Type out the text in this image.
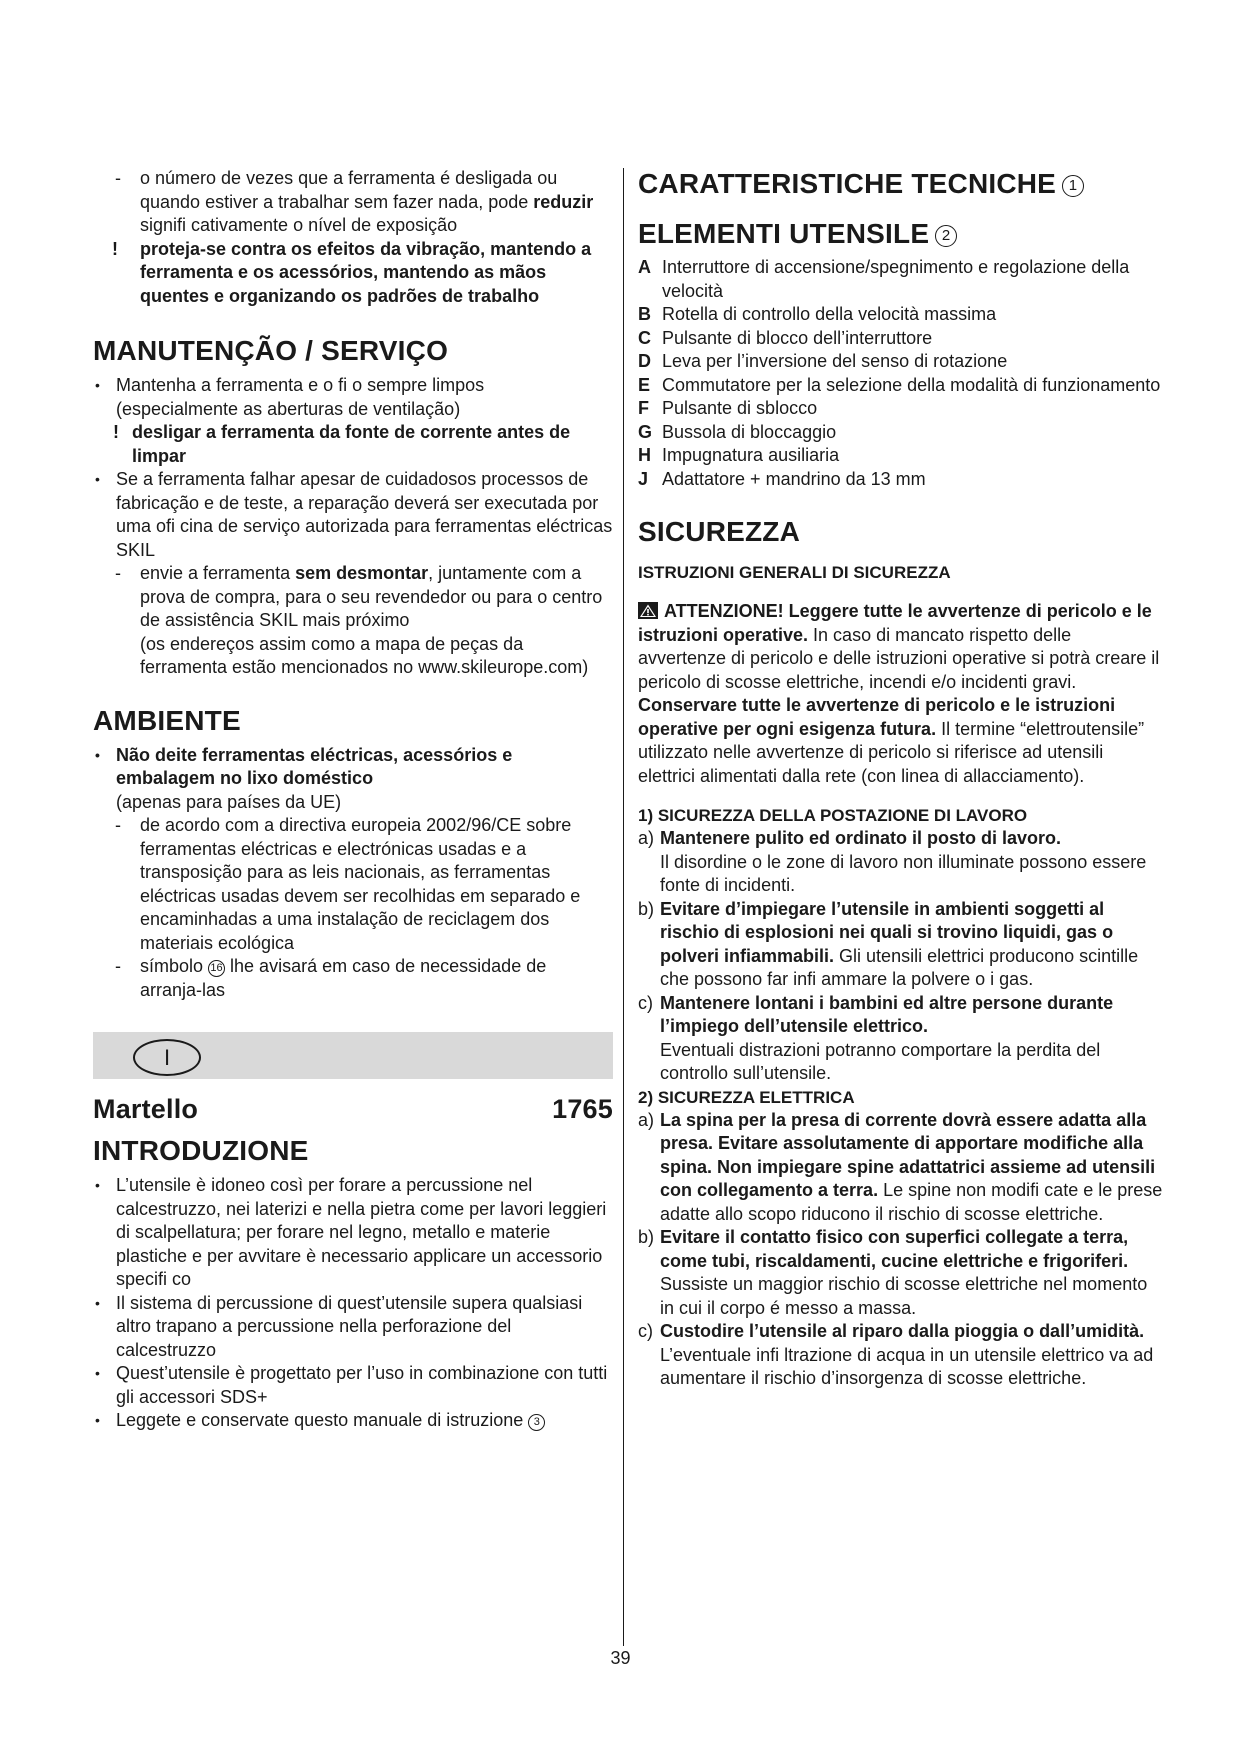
- o número de vezes que a ferramenta é desligada ou quando estiver a trabalhar sem fazer nada, pode reduzir signifi cativamente o nível de exposição

! proteja-se contra os efeitos da vibração, mantendo a ferramenta e os acessórios, mantendo as mãos quentes e organizando os padrões de trabalho

MANUTENÇÃO / SERVIÇO

• Mantenha a ferramenta e o fi o sempre limpos

(especialmente as aberturas de ventilação)

! desligar a ferramenta da fonte de corrente antes de limpar

• Se a ferramenta falhar apesar de cuidadosos processos de fabricação e de teste, a reparação deverá ser executada por uma ofi cina de serviço autorizada para ferramentas eléctricas SKIL

- envie a ferramenta sem desmontar, juntamente com a prova de compra, para o seu revendedor ou para o centro de assistência SKIL mais próximo

(os endereços assim como a mapa de peças da ferramenta estão mencionados no www.skileurope.com)

AMBIENTE

• Não deite ferramentas eléctricas, acessórios e embalagem no lixo doméstico

(apenas para países da UE)

- de acordo com a directiva europeia 2002/96/CE sobre ferramentas eléctricas e electrónicas usadas e a transposição para as leis nacionais, as ferramentas eléctricas usadas devem ser recolhidas em separado e encaminhadas a uma instalação de reciclagem dos materiais ecológica

- símbolo 16 lhe avisará em caso de necessidade de arranja-las

I
Martello	1765
INTRODUZIONE

• L’utensile è idoneo così per forare a percussione nel calcestruzzo, nei laterizi e nella pietra come per lavori leggieri di scalpellatura; per forare nel legno, metallo e materie plastiche e per avvitare è necessario applicare un accessorio specifi co

• Il sistema di percussione di quest’utensile supera qualsiasi altro trapano a percussione nella perforazione del calcestruzzo

• Quest’utensile è progettato per l’uso in combinazione con tutti gli accessori SDS+

• Leggete e conservate questo manuale di istruzione 3

CARATTERISTICHE TECNICHE 1
ELEMENTI UTENSILE 2

A Interruttore di accensione/spegnimento e regolazione della velocità

B Rotella di controllo della velocità massima

C Pulsante di blocco dell’interruttore

D Leva per l’inversione del senso di rotazione

E Commutatore per la selezione della modalità di funzionamento

F Pulsante di sblocco

G Bussola di bloccaggio

H Impugnatura ausiliaria

J Adattatore + mandrino da 13 mm

SICUREZZA
ISTRUZIONI GENERALI DI SICUREZZA

ATTENZIONE! Leggere tutte le avvertenze di pericolo e le istruzioni operative. In caso di mancato rispetto delle avvertenze di pericolo e delle istruzioni operative si potrà creare il pericolo di scosse elettriche, incendi e/o incidenti gravi. Conservare tutte le avvertenze di pericolo e le istruzioni operative per ogni esigenza futura. Il termine “elettroutensile” utilizzato nelle avvertenze di pericolo si riferisce ad utensili elettrici alimentati dalla rete (con linea di allacciamento).

1) SICUREZZA DELLA POSTAZIONE DI LAVORO

a) Mantenere pulito ed ordinato il posto di lavoro.
Il disordine o le zone di lavoro non illuminate possono essere fonte di incidenti.

b) Evitare d’impiegare l’utensile in ambienti soggetti al rischio di esplosioni nei quali si trovino liquidi, gas o polveri infiammabili. Gli utensili elettrici producono scintille che possono far infi ammare la polvere o i gas.

c) Mantenere lontani i bambini ed altre persone durante l’impiego dell’utensile elettrico.
Eventuali distrazioni potranno comportare la perdita del controllo sull’utensile.

2) SICUREZZA ELETTRICA

a) La spina per la presa di corrente dovrà essere adatta alla presa. Evitare assolutamente di apportare modifiche alla spina. Non impiegare spine adattatrici assieme ad utensili con collegamento a terra. Le spine non modifi cate e le prese adatte allo scopo riducono il rischio di scosse elettriche.

b) Evitare il contatto fisico con superfici collegate a terra, come tubi, riscaldamenti, cucine elettriche e frigoriferi. Sussiste un maggior rischio di scosse elettriche nel momento in cui il corpo é messo a massa.

c) Custodire l’utensile al riparo dalla pioggia o dall’umidità. L’eventuale infi ltrazione di acqua in un utensile elettrico va ad aumentare il rischio d’insorgenza di scosse elettriche.

39
